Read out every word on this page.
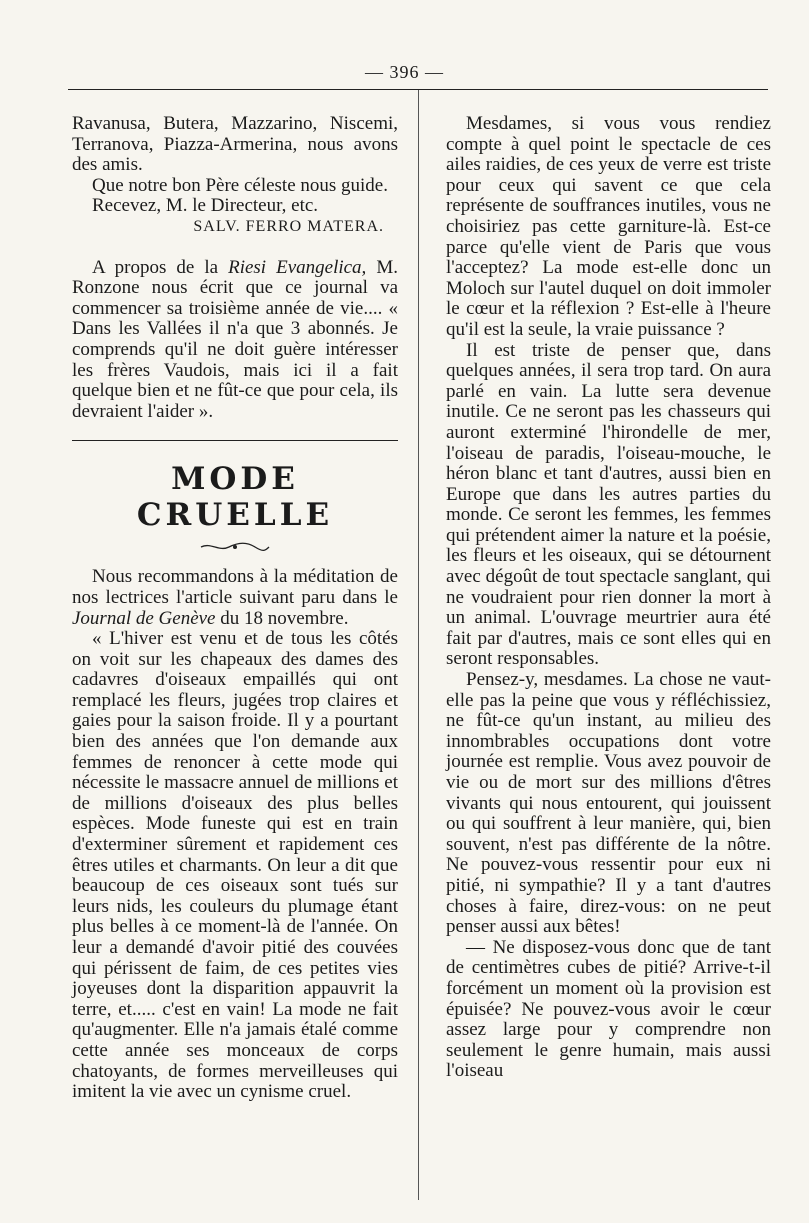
— 396 —

Ravanusa, Butera, Mazzarino, Niscemi, Terranova, Piazza-Armerina, nous avons des amis.

Que notre bon Père céleste nous guide.

Recevez, M. le Directeur, etc.

SALV. FERRO MATERA.

A propos de la Riesi Evangelica, M. Ronzone nous écrit que ce journal va commencer sa troisième année de vie.... « Dans les Vallées il n'a que 3 abonnés. Je comprends qu'il ne doit guère intéresser les frères Vaudois, mais ici il a fait quelque bien et ne fût-ce que pour cela, ils devraient l'aider ».

MODE CRUELLE

Nous recommandons à la méditation de nos lectrices l'article suivant paru dans le Journal de Genève du 18 novembre.

« L'hiver est venu et de tous les côtés on voit sur les chapeaux des dames des cadavres d'oiseaux empaillés qui ont remplacé les fleurs, jugées trop claires et gaies pour la saison froide. Il y a pourtant bien des années que l'on demande aux femmes de renoncer à cette mode qui nécessite le massacre annuel de millions et de millions d'oiseaux des plus belles espèces. Mode funeste qui est en train d'exterminer sûrement et rapidement ces êtres utiles et charmants. On leur a dit que beaucoup de ces oiseaux sont tués sur leurs nids, les couleurs du plumage étant plus belles à ce moment-là de l'année. On leur a demandé d'avoir pitié des couvées qui périssent de faim, de ces petites vies joyeuses dont la disparition appauvrit la terre, et..... c'est en vain! La mode ne fait qu'augmenter. Elle n'a jamais étalé comme cette année ses monceaux de corps chatoyants, de formes merveilleuses qui imitent la vie avec un cynisme cruel.

Mesdames, si vous vous rendiez compte à quel point le spectacle de ces ailes raidies, de ces yeux de verre est triste pour ceux qui savent ce que cela représente de souffrances inutiles, vous ne choisiriez pas cette garniture-là. Est-ce parce qu'elle vient de Paris que vous l'acceptez? La mode est-elle donc un Moloch sur l'autel duquel on doit immoler le cœur et la réflexion ? Est-elle à l'heure qu'il est la seule, la vraie puissance ?

Il est triste de penser que, dans quelques années, il sera trop tard. On aura parlé en vain. La lutte sera devenue inutile. Ce ne seront pas les chasseurs qui auront exterminé l'hirondelle de mer, l'oiseau de paradis, l'oiseau-mouche, le héron blanc et tant d'autres, aussi bien en Europe que dans les autres parties du monde. Ce seront les femmes, les femmes qui prétendent aimer la nature et la poésie, les fleurs et les oiseaux, qui se détournent avec dégoût de tout spectacle sanglant, qui ne voudraient pour rien donner la mort à un animal. L'ouvrage meurtrier aura été fait par d'autres, mais ce sont elles qui en seront responsables.

Pensez-y, mesdames. La chose ne vaut-elle pas la peine que vous y réfléchissiez, ne fût-ce qu'un instant, au milieu des innombrables occupations dont votre journée est remplie. Vous avez pouvoir de vie ou de mort sur des millions d'êtres vivants qui nous entourent, qui jouissent ou qui souffrent à leur manière, qui, bien souvent, n'est pas différente de la nôtre. Ne pouvez-vous ressentir pour eux ni pitié, ni sympathie? Il y a tant d'autres choses à faire, direz-vous: on ne peut penser aussi aux bêtes!

— Ne disposez-vous donc que de tant de centimètres cubes de pitié? Arrive-t-il forcément un moment où la provision est épuisée? Ne pouvez-vous avoir le cœur assez large pour y comprendre non seulement le genre humain, mais aussi l'oiseau
